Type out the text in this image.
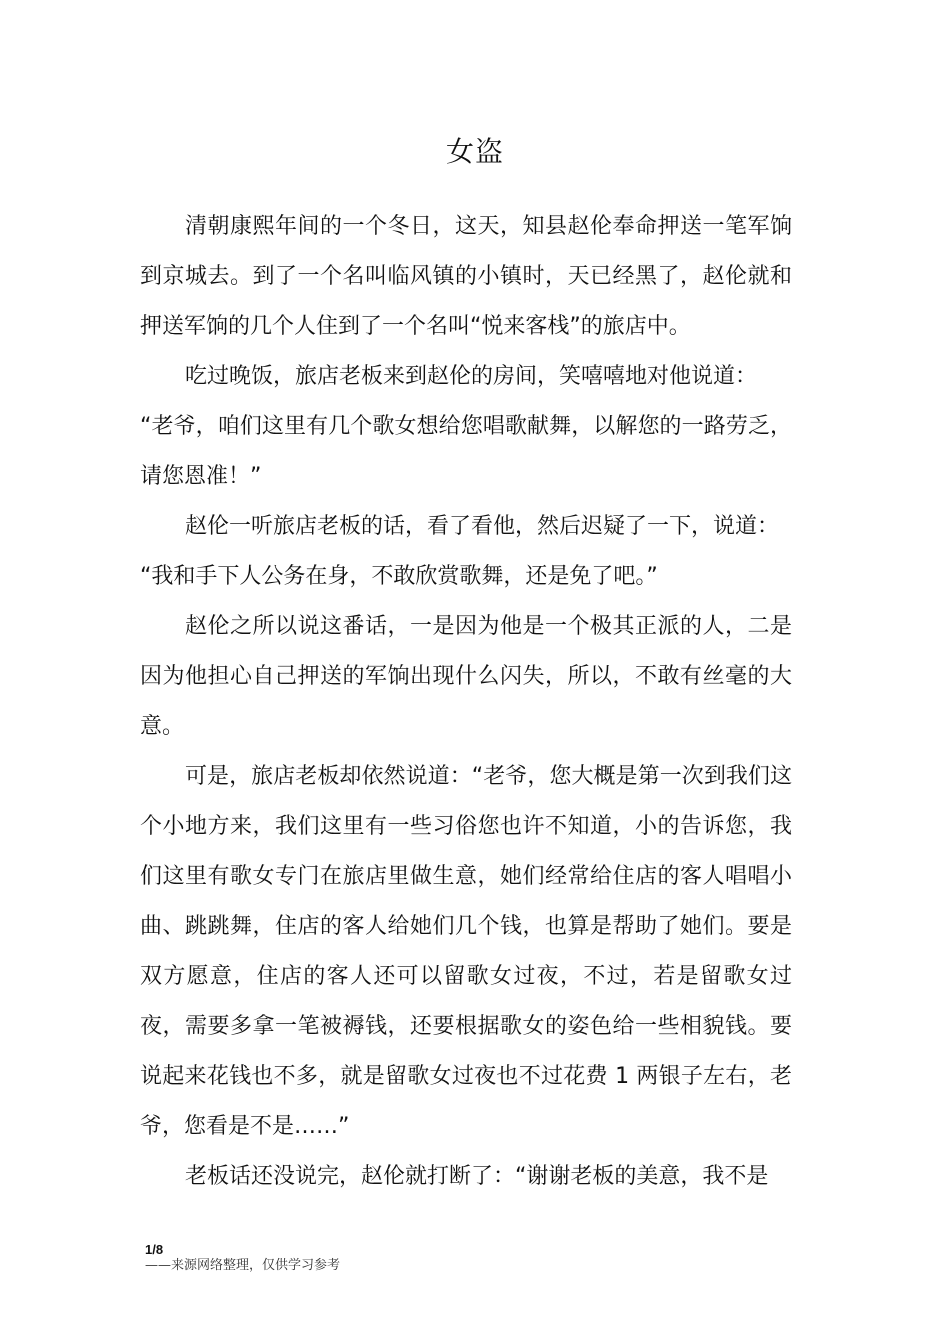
女盗

清朝康熙年间的一个冬日，这天，知县赵伦奉命押送一笔军饷到京城去。到了一个名叫临风镇的小镇时，天已经黑了，赵伦就和押送军饷的几个人住到了一个名叫“悦来客栈”的旅店中。

吃过晚饭，旅店老板来到赵伦的房间，笑嘻嘻地对他说道：

“老爷，咱们这里有几个歌女想给您唱歌献舞，以解您的一路劳乏，请您恩准！”

赵伦一听旅店老板的话，看了看他，然后迟疑了一下，说道：

“我和手下人公务在身，不敢欣赏歌舞，还是免了吧。”

赵伦之所以说这番话，一是因为他是一个极其正派的人，二是因为他担心自己押送的军饷出现什么闪失，所以，不敢有丝毫的大意。

可是，旅店老板却依然说道：“老爷，您大概是第一次到我们这个小地方来，我们这里有一些习俗您也许不知道，小的告诉您，我们这里有歌女专门在旅店里做生意，她们经常给住店的客人唱唱小曲、跳跳舞，住店的客人给她们几个钱，也算是帮助了她们。要是双方愿意，住店的客人还可以留歌女过夜，不过，若是留歌女过夜，需要多拿一笔被褥钱，还要根据歌女的姿色给一些相貌钱。要说起来花钱也不多，就是留歌女过夜也不过花费 1 两银子左右，老爷，您看是不是……”

老板话还没说完，赵伦就打断了：“谢谢老板的美意，我不是

1/8
——来源网络整理，仅供学习参考
